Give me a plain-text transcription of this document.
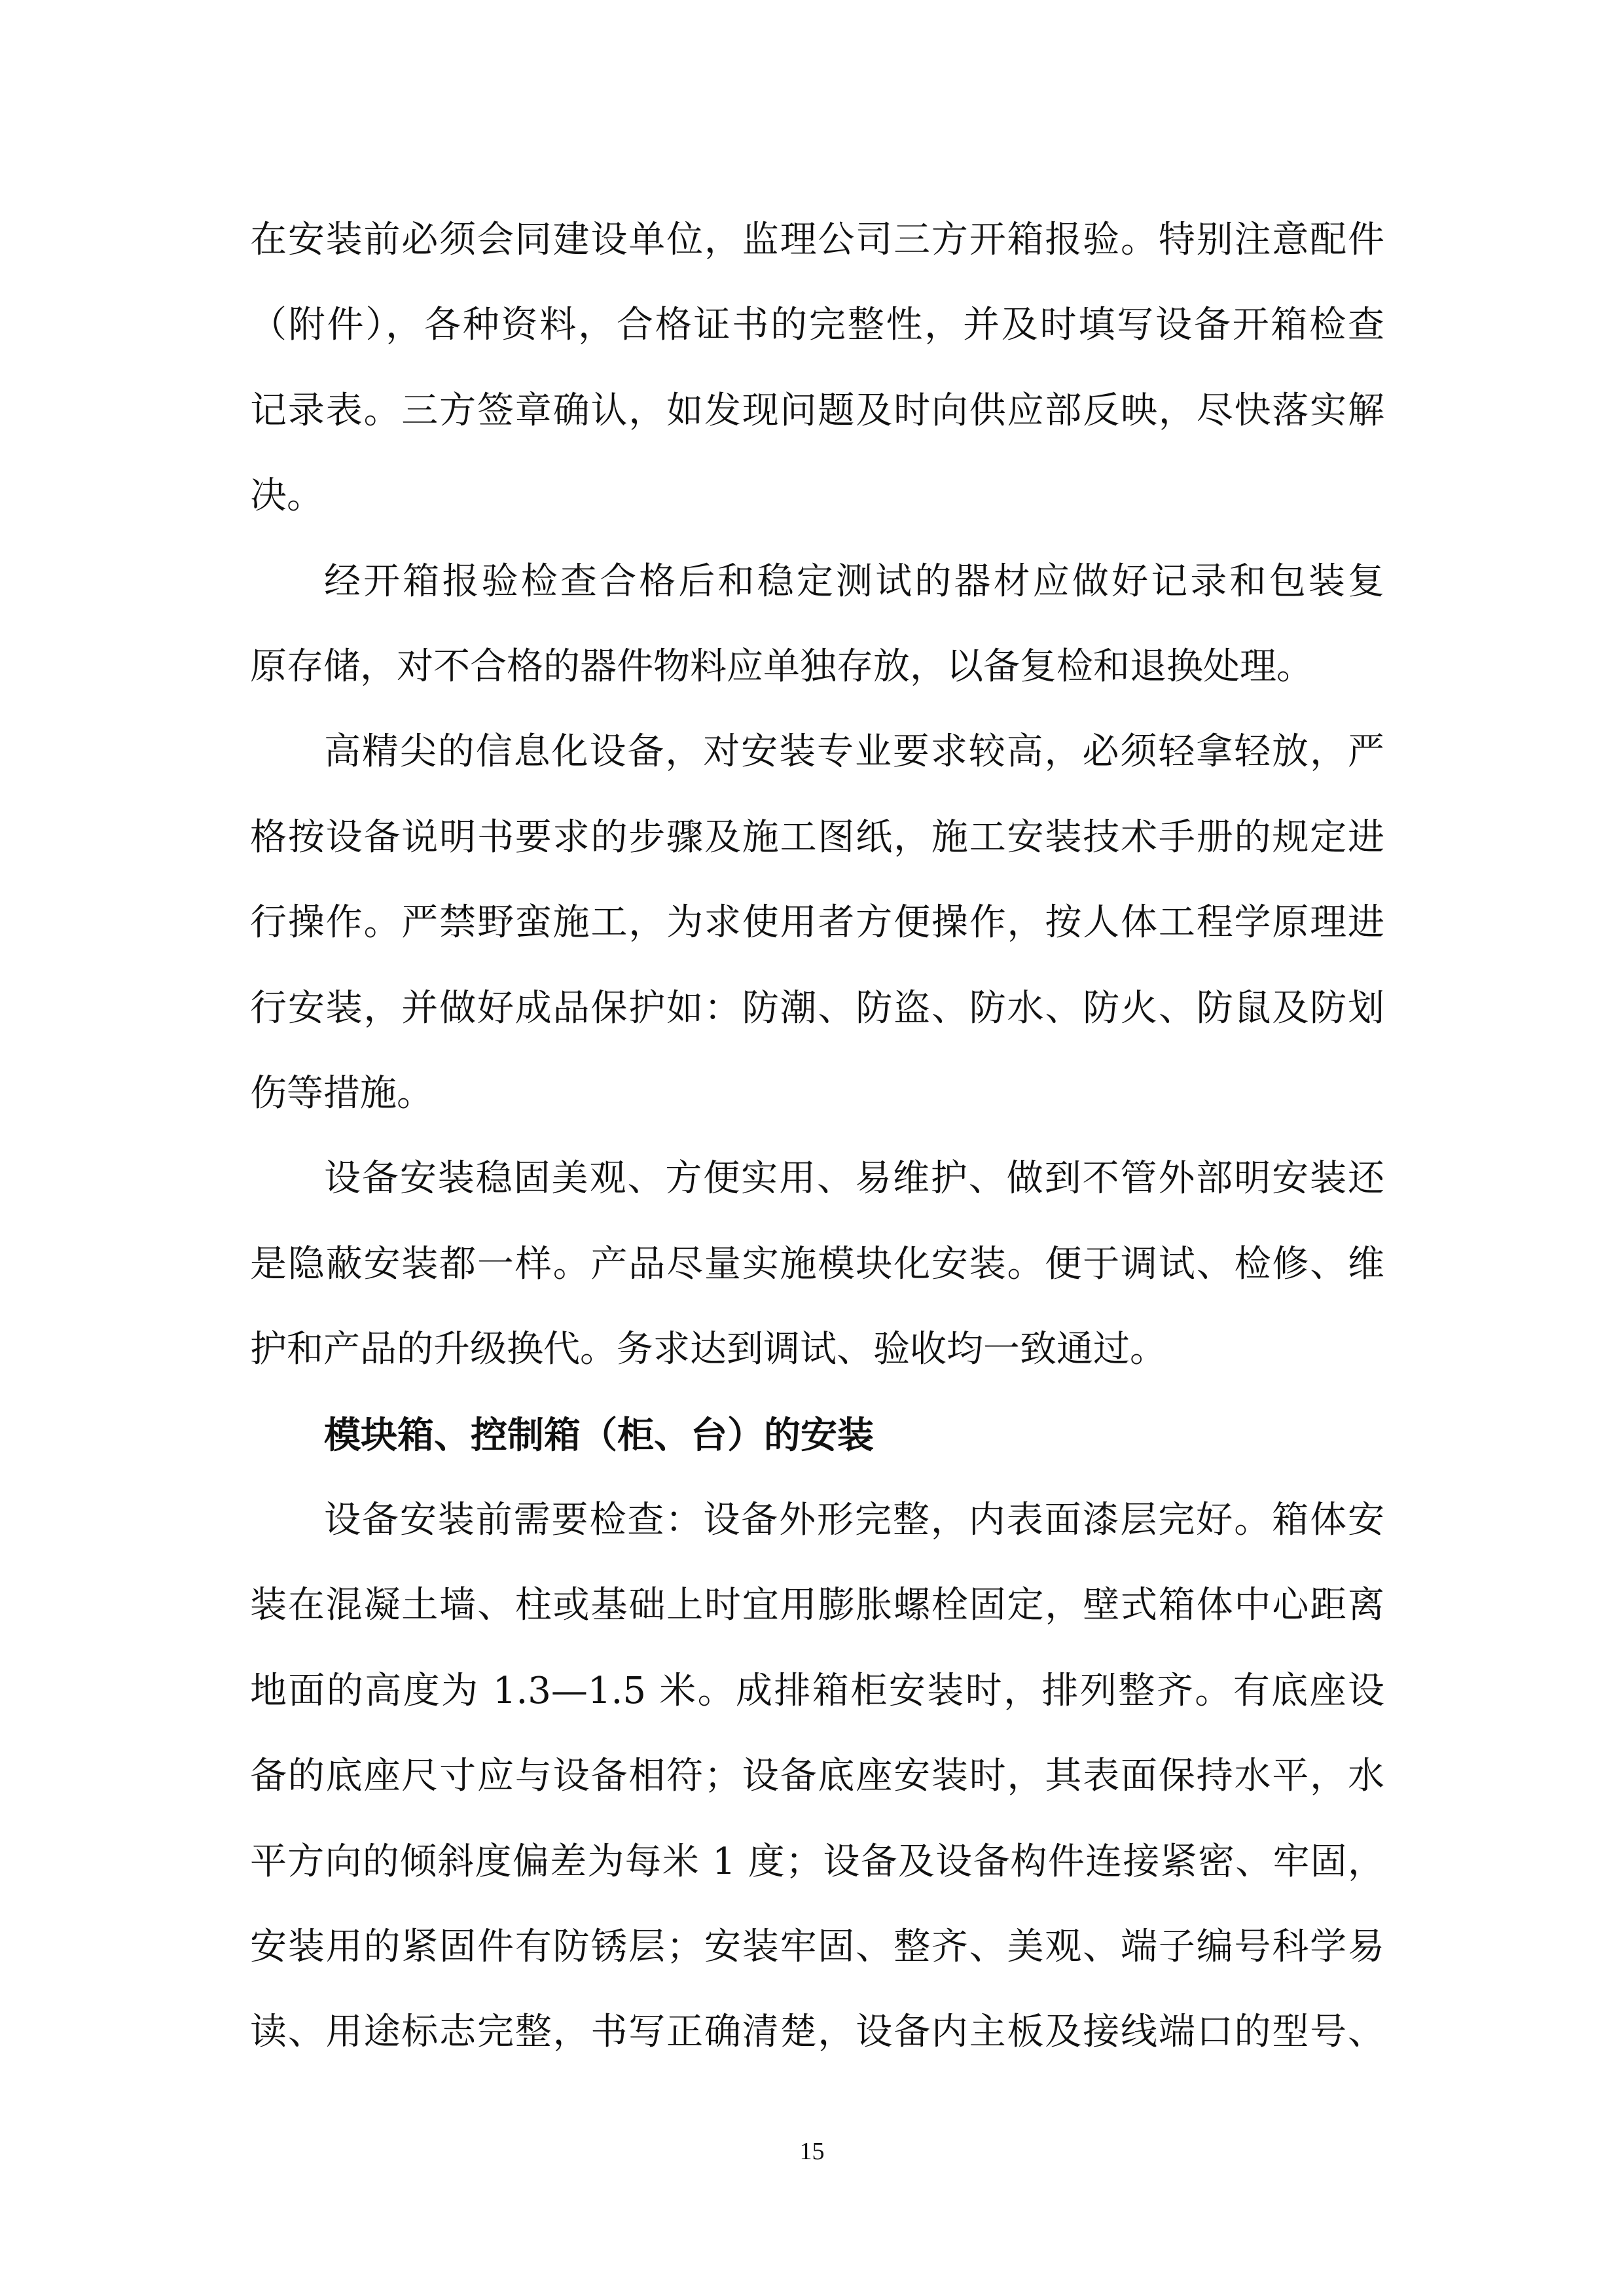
在安装前必须会同建设单位，监理公司三方开箱报验。特别注意配件
（附件），各种资料，合格证书的完整性，并及时填写设备开箱检查
记录表。三方签章确认，如发现问题及时向供应部反映，尽快落实解
决。
经开箱报验检查合格后和稳定测试的器材应做好记录和包装复
原存储，对不合格的器件物料应单独存放，以备复检和退换处理。
高精尖的信息化设备，对安装专业要求较高，必须轻拿轻放，严
格按设备说明书要求的步骤及施工图纸，施工安装技术手册的规定进
行操作。严禁野蛮施工，为求使用者方便操作，按人体工程学原理进
行安装，并做好成品保护如：防潮、防盗、防水、防火、防鼠及防划
伤等措施。
设备安装稳固美观、方便实用、易维护、做到不管外部明安装还
是隐蔽安装都一样。产品尽量实施模块化安装。便于调试、检修、维
护和产品的升级换代。务求达到调试、验收均一致通过。
模块箱、控制箱（柜、台）的安装
设备安装前需要检查：设备外形完整，内表面漆层完好。箱体安
装在混凝土墙、柱或基础上时宜用膨胀螺栓固定，壁式箱体中心距离
地面的高度为 1.3—1.5 米。成排箱柜安装时，排列整齐。有底座设
备的底座尺寸应与设备相符；设备底座安装时，其表面保持水平，水
平方向的倾斜度偏差为每米 1 度；设备及设备构件连接紧密、牢固，
安装用的紧固件有防锈层；安装牢固、整齐、美观、端子编号科学易
读、用途标志完整，书写正确清楚，设备内主板及接线端口的型号、
15
